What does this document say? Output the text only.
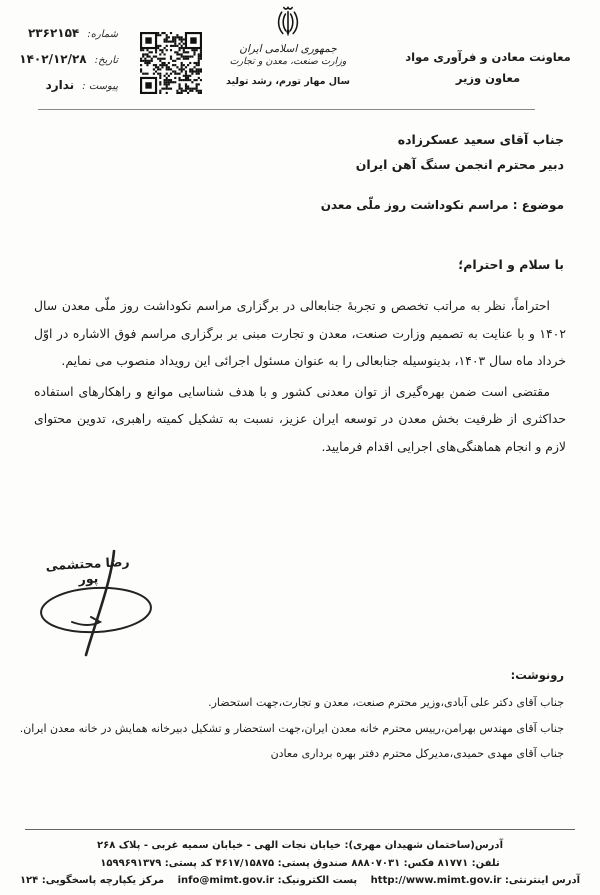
شماره: ۲۳۶۲۱۵۴
تاریخ: ۱۴۰۲/۱۲/۲۸
پیوست : ندارد
جمهوری اسلامی ایران
وزارت صنعت، معدن و تجارت
سال مهار تورم، رشد تولید
معاونت معادن و فرآوری مواد
معاون وزیر
جناب آقای سعید عسکرزاده
دبیر محترم انجمن سنگ آهن ایران
موضوع : مراسم نکوداشت روز ملّی معدن
با سلام و احترام؛

احتراماً، نظر به مراتب تخصص و تجربهٔ جنابعالی در برگزاری مراسم نکوداشت روز ملّی معدن سال ۱۴۰۲ و با عنایت به تصمیم وزارت صنعت، معدن و تجارت مبنی بر برگزاری مراسم فوق الاشاره در اوّل خرداد ماه سال ۱۴۰۳، بدینوسیله جنابعالی را به عنوان مسئول اجرائی این رویداد منصوب می نمایم.

مقتضی است ضمن بهره‌گیری از توان معدنی کشور و با هدف شناسایی موانع و راهکارهای استفاده حداکثری از ظرفیت بخش معدن در توسعه ایران عزیز، نسبت به تشکیل کمیته راهبری، تدوین محتوای لازم و انجام هماهنگی‌های اجرایی اقدام فرمایید.

رضا محتشمی پور
رونوشت:
جناب آقای دکتر علی آبادی،وزیر محترم صنعت، معدن و تجارت،جهت استحضار.
جناب آقای مهندس بهرامن،رییس محترم خانه معدن ایران،جهت استحضار و تشکیل دبیرخانه همایش در خانه معدن ایران.
جناب آقای مهدی حمیدی،مدیرکل محترم دفتر بهره برداری معادن
آدرس(ساختمان شهیدان مهری): خیابان نجات الهی - خیابان سمیه غربی - پلاک ۲۶۸
تلفن: ۸۱۷۷۱ فکس: ۸۸۸۰۷۰۳۱ صندوق پستی: ۴۶۱۷/۱۵۸۷۵ کد پستی: ۱۵۹۹۶۹۱۳۷۹
آدرس اینترنتی: http://www.mimt.gov.ir پست الکترونیک: info@mimt.gov.ir مرکز یکپارچه پاسخگویی: ۱۲۴
